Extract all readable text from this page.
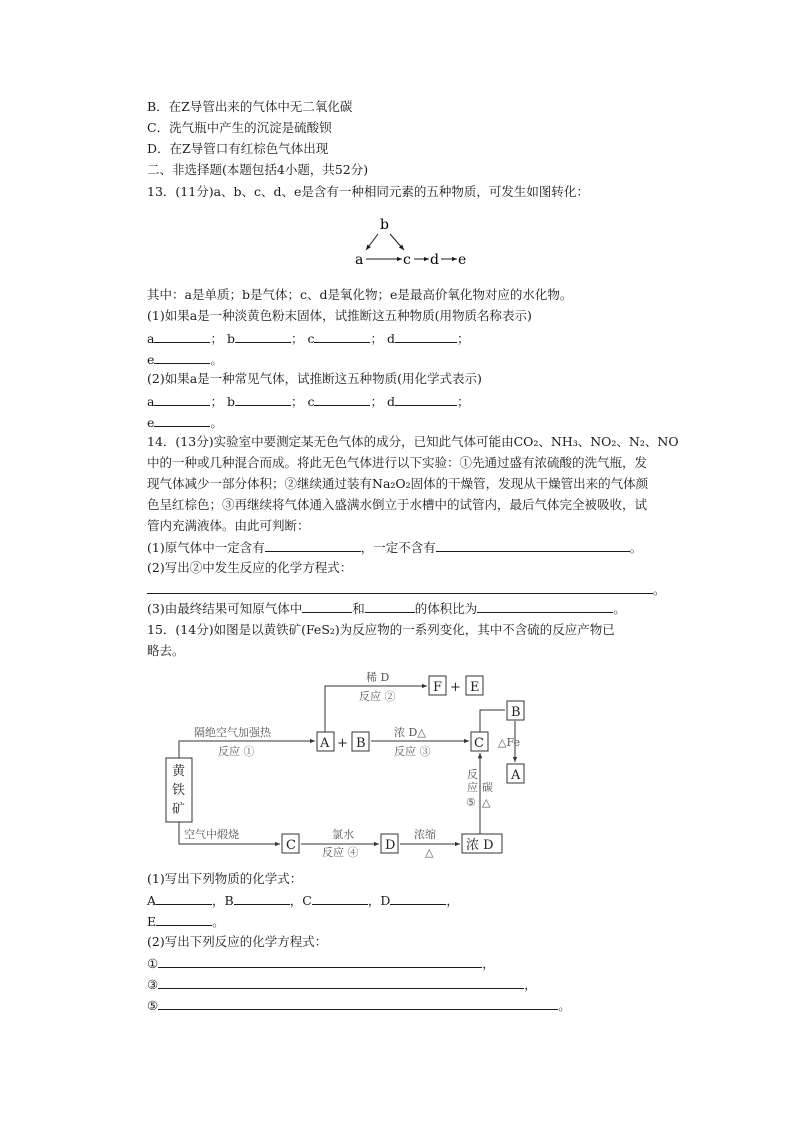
B．在Z导管出来的气体中无二氧化碳
C．洗气瓶中产生的沉淀是硫酸钡
D．在Z导管口有红棕色气体出现
二、非选择题(本题包括4小题，共52分)
13．(11分)a、b、c、d、e是含有一种相同元素的五种物质，可发生如图转化：
b
a	c d e
其中：a是单质；b是气体；c、d是氧化物；e是最高价氧化物对应的水化物。
(1)如果a是一种淡黄色粉末固体，试推断这五种物质(用物质名称表示)
a	； b	； c	； d	；
e	。
(2)如果a是一种常见气体，试推断这五种物质(用化学式表示)
a	； b	； c	； d	；
e	。
14．(13分)实验室中要测定某无色气体的成分，已知此气体可能由CO₂、NH₃、NO₂、N₂、NO
中的一种或几种混合而成。将此无色气体进行以下实验：①先通过盛有浓硫酸的洗气瓶，发
现气体减少一部分体积；②继续通过装有Na₂O₂固体的干燥管，发现从干燥管出来的气体颜
色呈红棕色；③再继续将气体通入盛满水倒立于水槽中的试管内，最后气体完全被吸收，试
管内充满液体。由此可判断：
(1)原气体中一定含有	，一定不含有	。
(2)写出②中发生反应的化学方程式：
。
(3)由最终结果可知原气体中	和	的体积比为	。
15．(14分)如图是以黄铁矿(FeS₂)为反应物的一系列变化，其中不含硫的反应产物已
略去。
黄
铁
矿
A + B
F + E
C
B
A
C	D	浓 D
隔绝空气加强热
反应 ①
稀 D
反应 ②
浓 D△
反应 ③
△Fe
空气中煅烧	氯水
反应 ④
浓缩
△
反
应 碳
⑤ △
(1)写出下列物质的化学式：
A	，B	，C	，D	，
E	。
(2)写出下列反应的化学方程式：
①	，
③	，
⑤	。
